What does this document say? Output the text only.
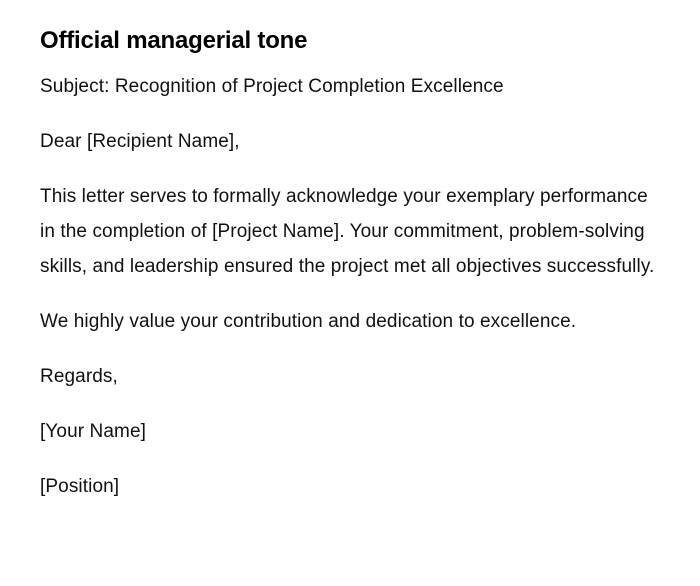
Official managerial tone

Subject: Recognition of Project Completion Excellence

Dear [Recipient Name],

This letter serves to formally acknowledge your exemplary performance in the completion of [Project Name]. Your commitment, problem-solving skills, and leadership ensured the project met all objectives successfully.

We highly value your contribution and dedication to excellence.

Regards,

[Your Name]

[Position]
